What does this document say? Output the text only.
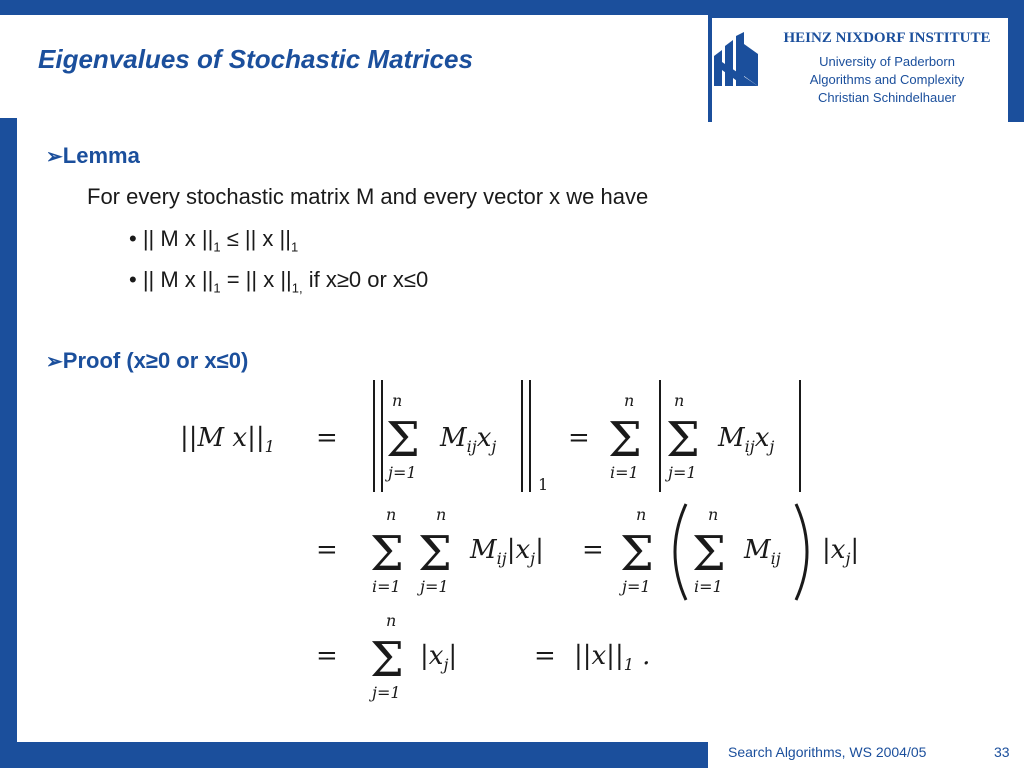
Search Algorithms, WS 2004/05	33
Eigenvalues of Stochastic Matrices
HEINZ NIXDORF INSTITUTE
University of Paderborn
Algorithms and Complexity
Christian Schindelhauer
➢Lemma
For every stochastic matrix M and every vector x we have
• || M x $||_1$ ≤ || x $||_1$
• || M x $||_1$ = || x $||_{1,}$ if x≥0 or x≤0
➢Proof (x≥0 or x≤0)
||M $x||_1$ =
n
Σ
j=1
$M_{ij}x_j$
1
=
n
Σ
i=1
n
Σ
j=1
$M_{ij}x_j$
=
n
Σ
i=1
n
Σ
j=1
$M_{ij}|x_j|$ =
n
Σ
j=1
n
Σ
i=1
$M_{ij}$ $|x_j|$
=
n
Σ
j=1
$|x_j|$	= $||x||_1$ .
